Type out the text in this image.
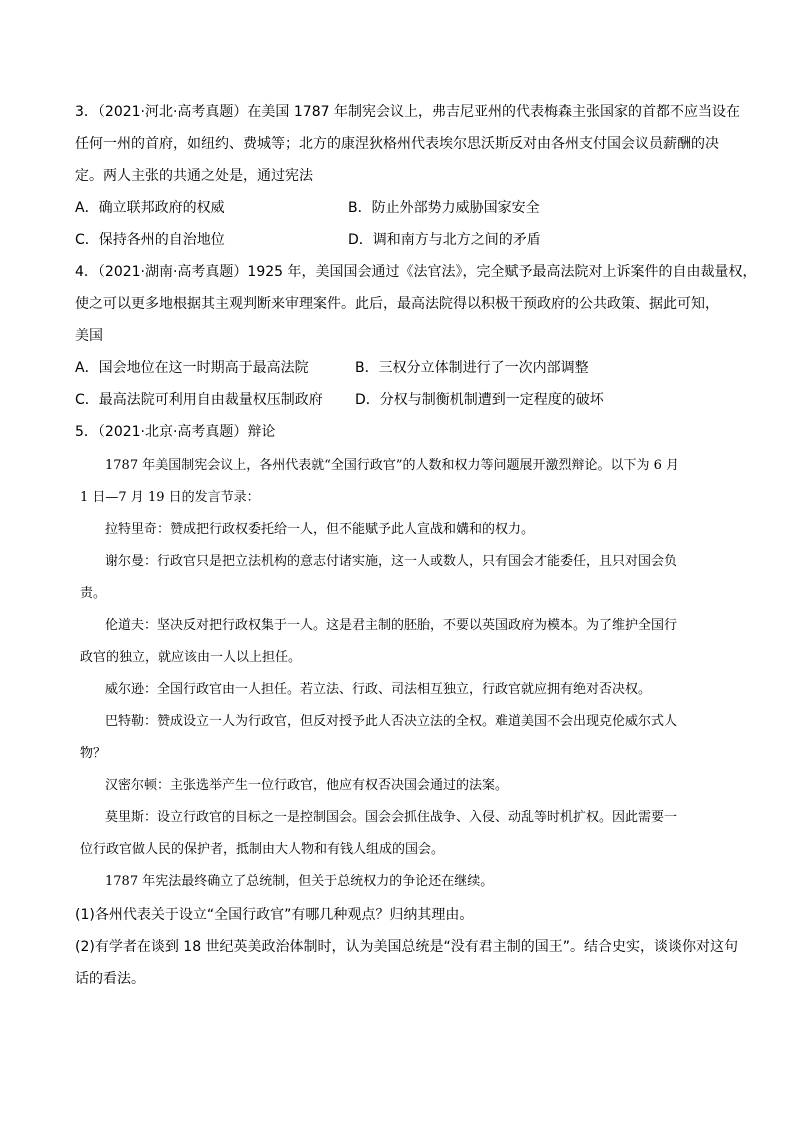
3．（2021·河北·高考真题）在美国 1787 年制宪会议上，弗吉尼亚州的代表梅森主张国家的首都不应当设在
任何一州的首府，如纽约、费城等；北方的康涅狄格州代表埃尔思沃斯反对由各州支付国会议员薪酬的决
定。两人主张的共通之处是，通过宪法
A．确立联邦政府的权威	B．防止外部势力威胁国家安全
C．保持各州的自治地位	D．调和南方与北方之间的矛盾
4．（2021·湖南·高考真题）1925 年，美国国会通过《法官法》，完全赋予最高法院对上诉案件的自由裁量权，
使之可以更多地根据其主观判断来审理案件。此后，最高法院得以积极干预政府的公共政策、据此可知，
美国
A．国会地位在这一时期高于最高法院	B．三权分立体制进行了一次内部调整
C．最高法院可利用自由裁量权压制政府 D．分权与制衡机制遭到一定程度的破坏
5．（2021·北京·高考真题）辩论
1787 年美国制宪会议上，各州代表就“全国行政官”的人数和权力等问题展开激烈辩论。以下为 6 月
1 日—7 月 19 日的发言节录：
拉特里奇：赞成把行政权委托给一人，但不能赋予此人宣战和媾和的权力。
谢尔曼：行政官只是把立法机构的意志付诸实施，这一人或数人，只有国会才能委任，且只对国会负
责。
伦道夫：坚决反对把行政权集于一人。这是君主制的胚胎，不要以英国政府为模本。为了维护全国行
政官的独立，就应该由一人以上担任。
威尔逊：全国行政官由一人担任。若立法、行政、司法相互独立，行政官就应拥有绝对否决权。
巴特勒：赞成设立一人为行政官，但反对授予此人否决立法的全权。难道美国不会出现克伦威尔式人
物？
汉密尔顿：主张选举产生一位行政官，他应有权否决国会通过的法案。
莫里斯：设立行政官的目标之一是控制国会。国会会抓住战争、入侵、动乱等时机扩权。因此需要一
位行政官做人民的保护者，抵制由大人物和有钱人组成的国会。
1787 年宪法最终确立了总统制，但关于总统权力的争论还在继续。
(1)各州代表关于设立“全国行政官”有哪几种观点？归纳其理由。
(2)有学者在谈到 18 世纪英美政治体制时，认为美国总统是“没有君主制的国王”。结合史实，谈谈你对这句
话的看法。
